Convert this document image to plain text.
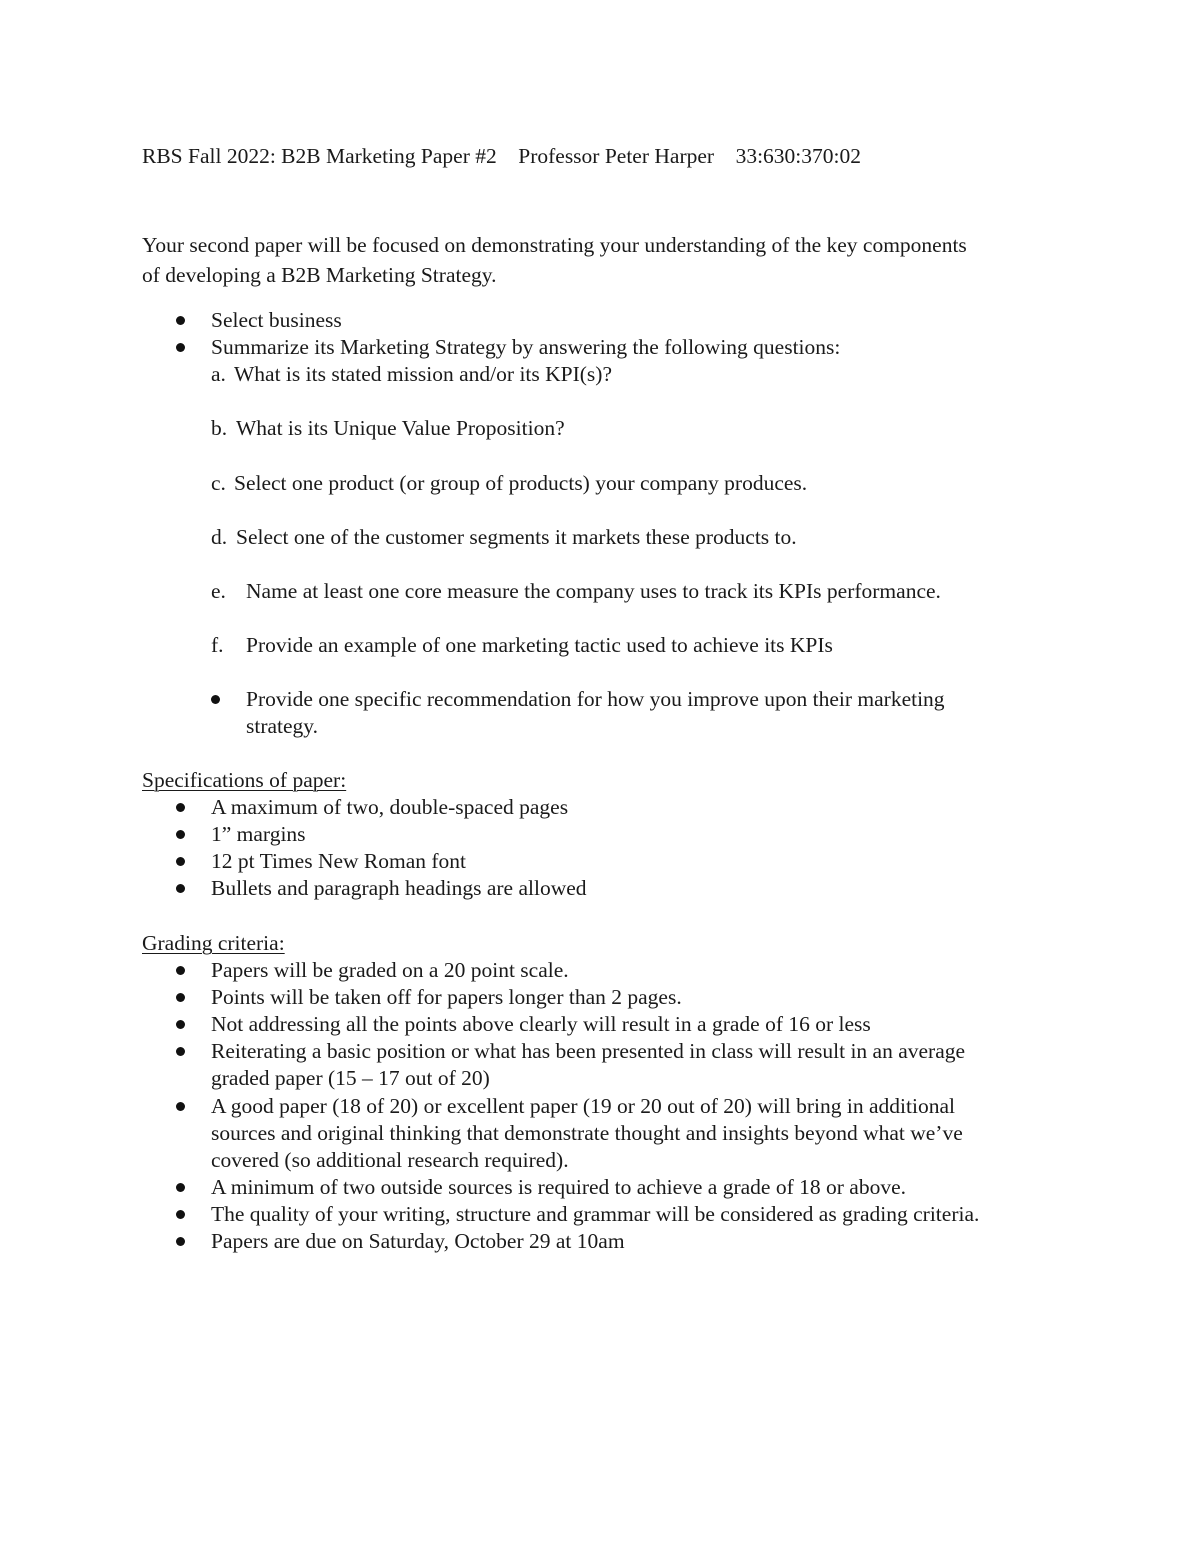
RBS Fall 2022: B2B Marketing Paper #2    Professor Peter Harper    33:630:370:02
Your second paper will be focused on demonstrating your understanding of the key components
of developing a B2B Marketing Strategy.
Select business
Summarize its Marketing Strategy by answering the following questions:
a. What is its stated mission and/or its KPI(s)?
b. What is its Unique Value Proposition?
c. Select one product (or group of products) your company produces.
d. Select one of the customer segments it markets these products to.
e. Name at least one core measure the company uses to track its KPIs performance.
f. Provide an example of one marketing tactic used to achieve its KPIs
Provide one specific recommendation for how you improve upon their marketing
strategy.
Specifications of paper:
A maximum of two, double-spaced pages
1” margins
12 pt Times New Roman font
Bullets and paragraph headings are allowed
Grading criteria:
Papers will be graded on a 20 point scale.
Points will be taken off for papers longer than 2 pages.
Not addressing all the points above clearly will result in a grade of 16 or less
Reiterating a basic position or what has been presented in class will result in an average
graded paper (15 – 17 out of 20)
A good paper (18 of 20) or excellent paper (19 or 20 out of 20) will bring in additional
sources and original thinking that demonstrate thought and insights beyond what we’ve
covered (so additional research required).
A minimum of two outside sources is required to achieve a grade of 18 or above.
The quality of your writing, structure and grammar will be considered as grading criteria.
Papers are due on Saturday, October 29 at 10am
